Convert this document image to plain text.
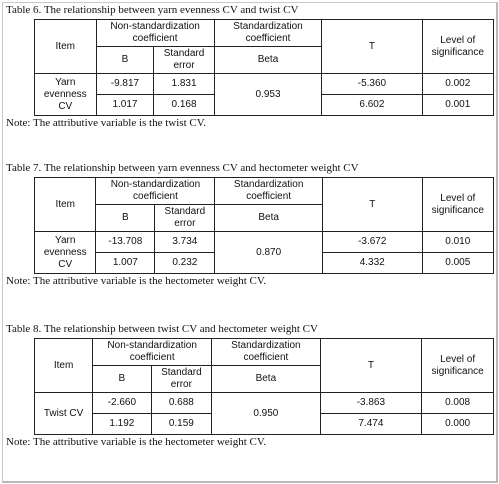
Table 6. The relationship between yarn evenness CV and twist CV

Item	Non-standardization coefficient		Standardization coefficient	T	Level of significance
	B	Standard error	Beta		
Yarn evenness CV	-9.817	1.831	0.953	-5.360	0.002
	1.017	0.168		6.602	0.001

Note: The attributive variable is the twist CV.

Table 7. The relationship between yarn evenness CV and hectometer weight CV

Item	Non-standardization coefficient		Standardization coefficient	T	Level of significance
	B	Standard error	Beta		
Yarn evenness CV	-13.708	3.734	0.870	-3.672	0.010
	1.007	0.232		4.332	0.005

Note: The attributive variable is the hectometer weight CV.

Table 8. The relationship between twist CV and hectometer weight CV

Item	Non-standardization coefficient		Standardization coefficient	T	Level of significance
	B	Standard error	Beta		
Twist CV	-2.660	0.688	0.950	-3.863	0.008
	1.192	0.159		7.474	0.000

Note: The attributive variable is the hectometer weight CV.
